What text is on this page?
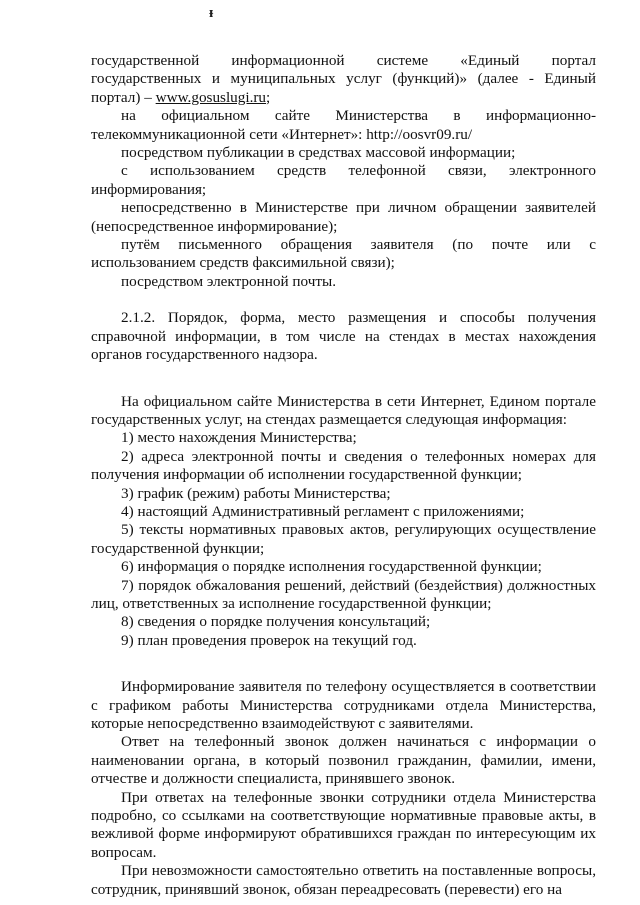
ᵻ

государственной информационной системе «Единый портал государственных и муниципальных услуг (функций)» (далее - Единый портал) – www.gosuslugi.ru;

на официальном сайте Министерства в информационно-телекоммуникационной сети «Интернет»: http://oosvr09.ru/

посредством публикации в средствах массовой информации;

с использованием средств телефонной связи, электронного информирования;

непосредственно в Министерстве при личном обращении заявителей (непосредственное информирование);

путём письменного обращения заявителя (по почте или с использованием средств факсимильной связи);

посредством электронной почты.

2.1.2. Порядок, форма, место размещения и способы получения справочной информации, в том числе на стендах в местах нахождения органов государственного надзора.

На официальном сайте Министерства в сети Интернет, Едином портале государственных услуг, на стендах размещается следующая информация:

1) место нахождения Министерства;

2) адреса электронной почты и сведения о телефонных номерах для получения информации об исполнении государственной функции;

3) график (режим) работы Министерства;

4) настоящий Административный регламент с приложениями;

5) тексты нормативных правовых актов, регулирующих осуществление государственной функции;

6) информация о порядке исполнения государственной функции;

7) порядок обжалования решений, действий (бездействия) должностных лиц, ответственных за исполнение государственной функции;

8) сведения о порядке получения консультаций;

9) план проведения проверок на текущий год.

Информирование заявителя по телефону осуществляется в соответствии с графиком работы Министерства сотрудниками отдела Министерства, которые непосредственно взаимодействуют с заявителями.

Ответ на телефонный звонок должен начинаться с информации о наименовании органа, в который позвонил гражданин, фамилии, имени, отчестве и должности специалиста, принявшего звонок.

При ответах на телефонные звонки сотрудники отдела Министерства подробно, со ссылками на соответствующие нормативные правовые акты, в вежливой форме информируют обратившихся граждан по интересующим их вопросам.

При невозможности самостоятельно ответить на поставленные вопросы, сотрудник, принявший звонок, обязан переадресовать (перевести) его на
